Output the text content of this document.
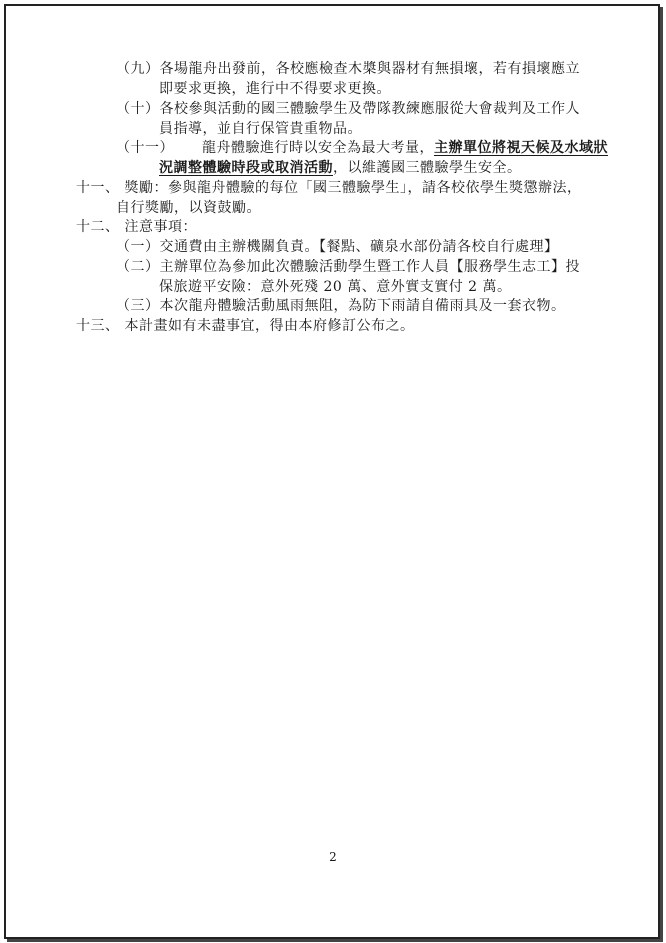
（九）各場龍舟出發前，各校應檢查木槳與器材有無損壞，若有損壞應立
即要求更換，進行中不得要求更換。
（十）各校參與活動的國三體驗學生及帶隊教練應服從大會裁判及工作人
員指導，並自行保管貴重物品。
（十一） 龍舟體驗進行時以安全為最大考量，主辦單位將視天候及水域狀
況調整體驗時段或取消活動，以維護國三體驗學生安全。
十一、 獎勵：參與龍舟體驗的每位「國三體驗學生」，請各校依學生獎懲辦法，
自行獎勵，以資鼓勵。
十二、 注意事項：
（一）交通費由主辦機關負責。【餐點、礦泉水部份請各校自行處理】
（二）主辦單位為參加此次體驗活動學生暨工作人員【服務學生志工】投
保旅遊平安險：意外死殘 20 萬、意外實支實付 2 萬。
（三）本次龍舟體驗活動風雨無阻，為防下雨請自備雨具及一套衣物。
十三、 本計畫如有未盡事宜，得由本府修訂公布之。
2
